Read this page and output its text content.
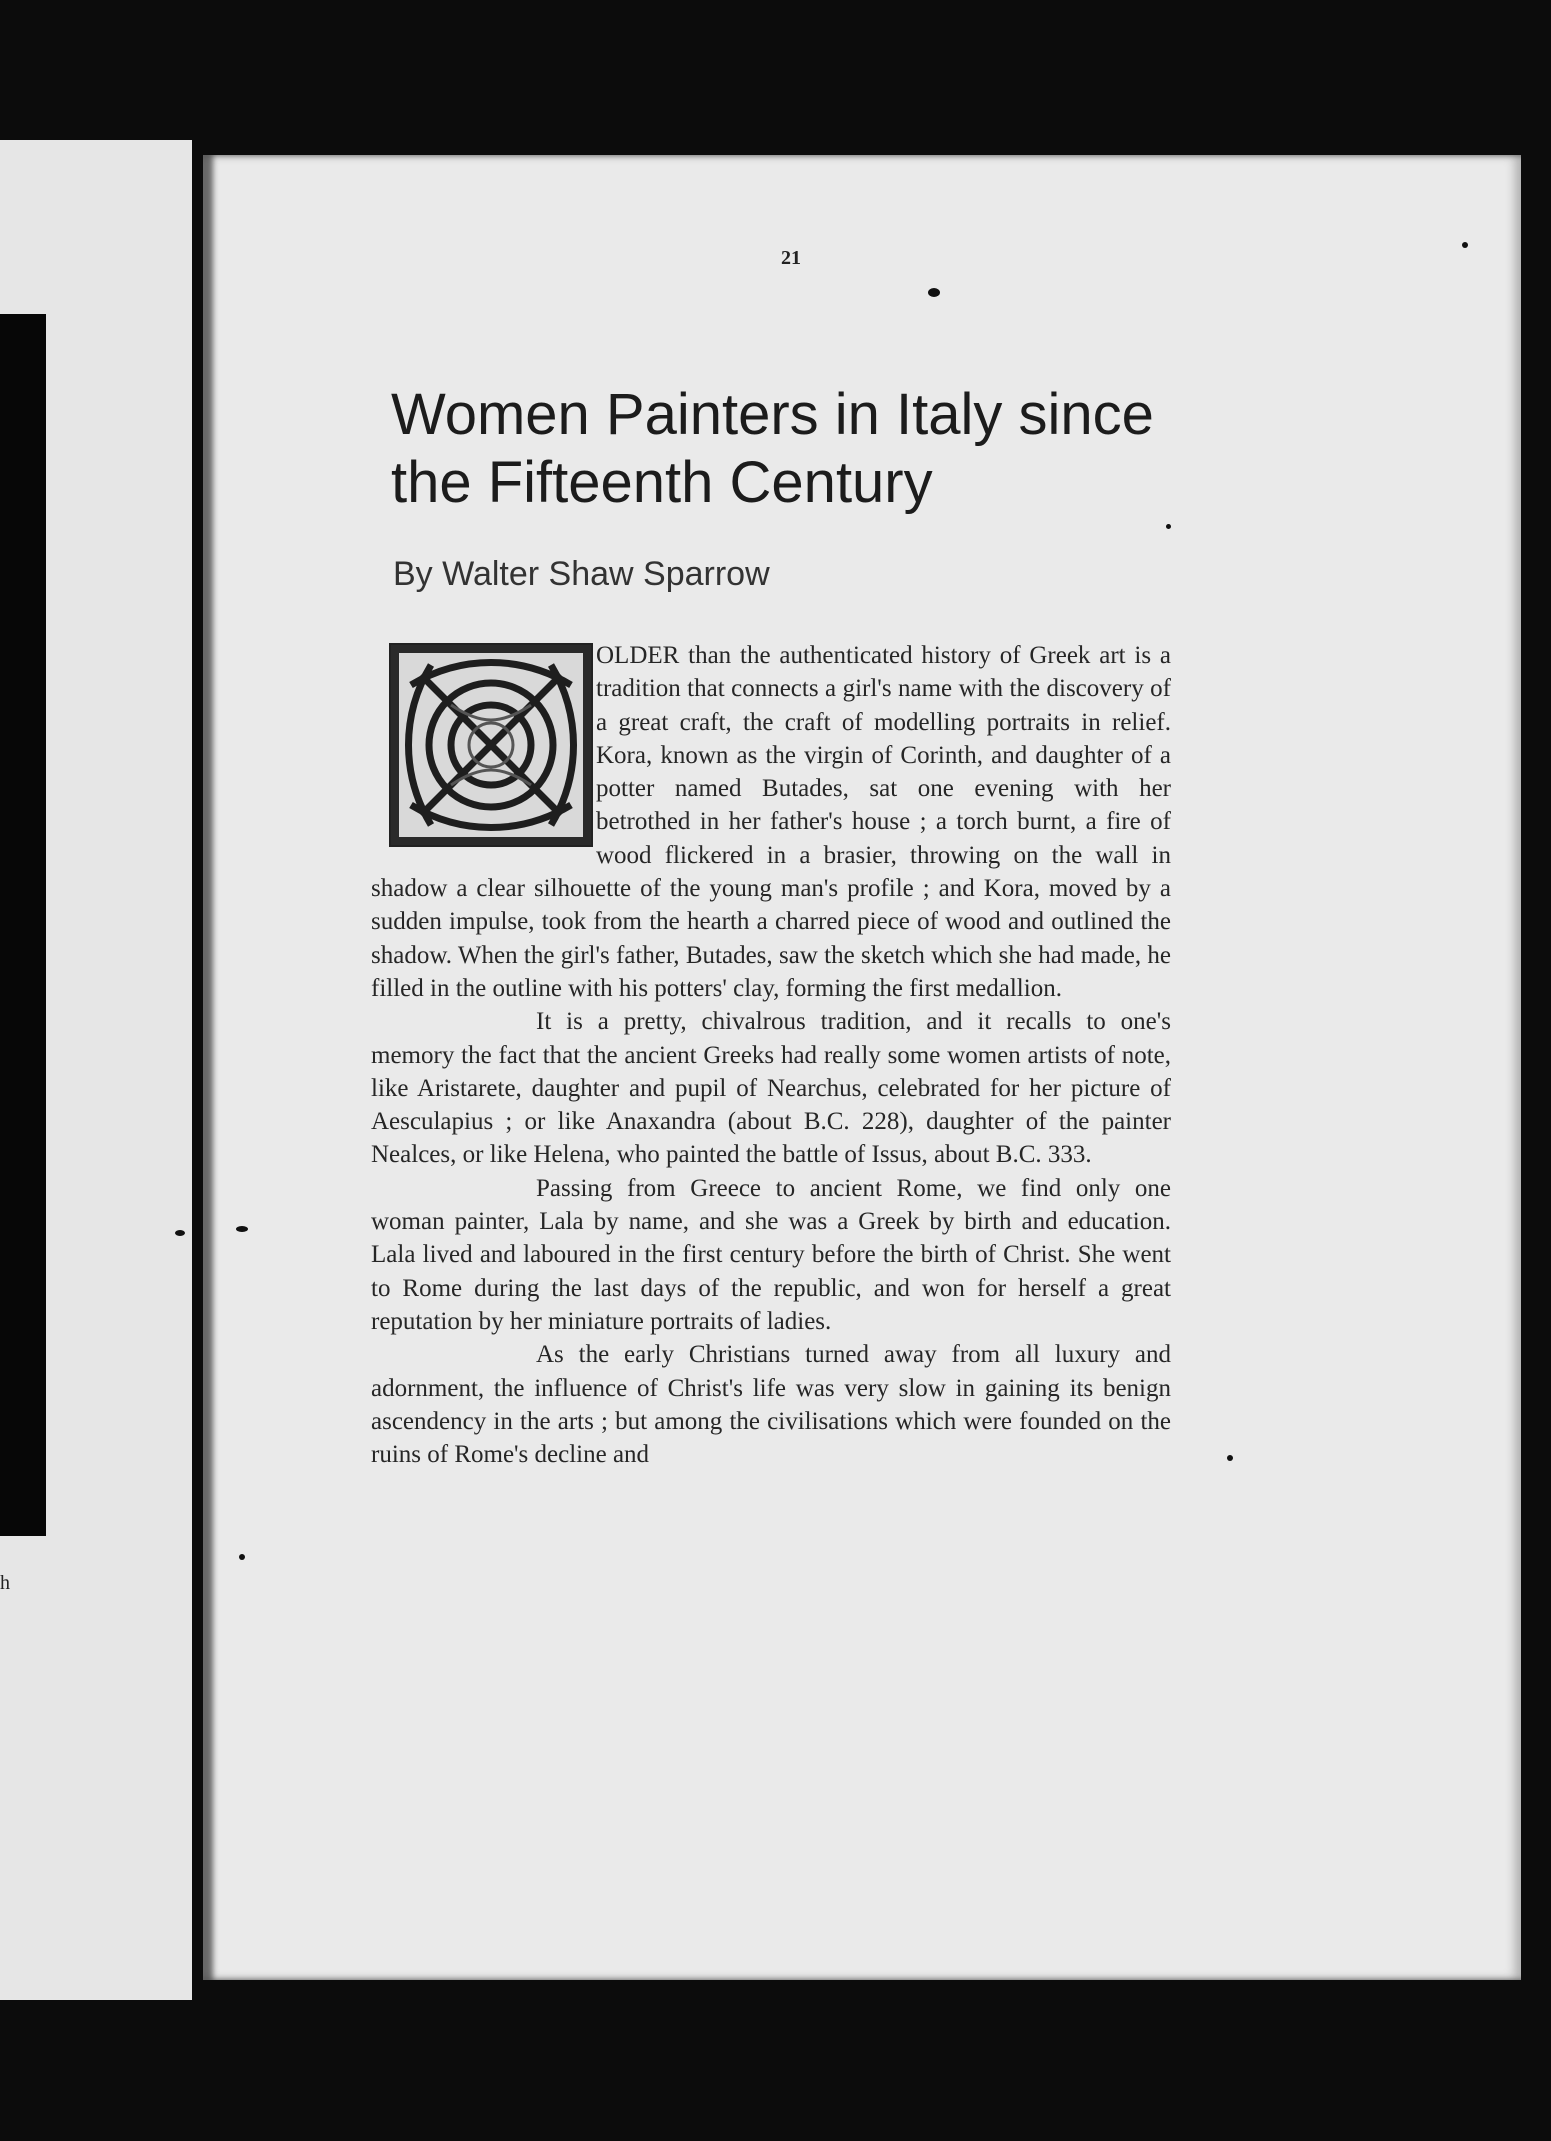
h
21
Women Painters in Italy since the Fifteenth Century
By Walter Shaw Sparrow

OLDER than the authenticated history of Greek art is a tradition that connects a girl's name with the discovery of a great craft, the craft of modelling portraits in relief. Kora, known as the virgin of Corinth, and daughter of a potter named Butades, sat one evening with her betrothed in her father's house ; a torch burnt, a fire of wood flickered in a brasier, throwing on the wall in shadow a clear silhouette of the young man's profile ; and Kora, moved by a sudden impulse, took from the hearth a charred piece of wood and outlined the shadow. When the girl's father, Butades, saw the sketch which she had made, he filled in the outline with his potters' clay, forming the first medallion.

It is a pretty, chivalrous tradition, and it recalls to one's memory the fact that the ancient Greeks had really some women artists of note, like Aristarete, daughter and pupil of Nearchus, celebrated for her picture of Aesculapius ; or like Anaxandra (about B.C. 228), daughter of the painter Nealces, or like Helena, who painted the battle of Issus, about B.C. 333.

Passing from Greece to ancient Rome, we find only one woman painter, Lala by name, and she was a Greek by birth and education. Lala lived and laboured in the first century before the birth of Christ. She went to Rome during the last days of the republic, and won for herself a great reputation by her miniature portraits of ladies.

As the early Christians turned away from all luxury and adornment, the influence of Christ's life was very slow in gaining its benign ascendency in the arts ; but among the civilisations which were founded on the ruins of Rome's decline and
